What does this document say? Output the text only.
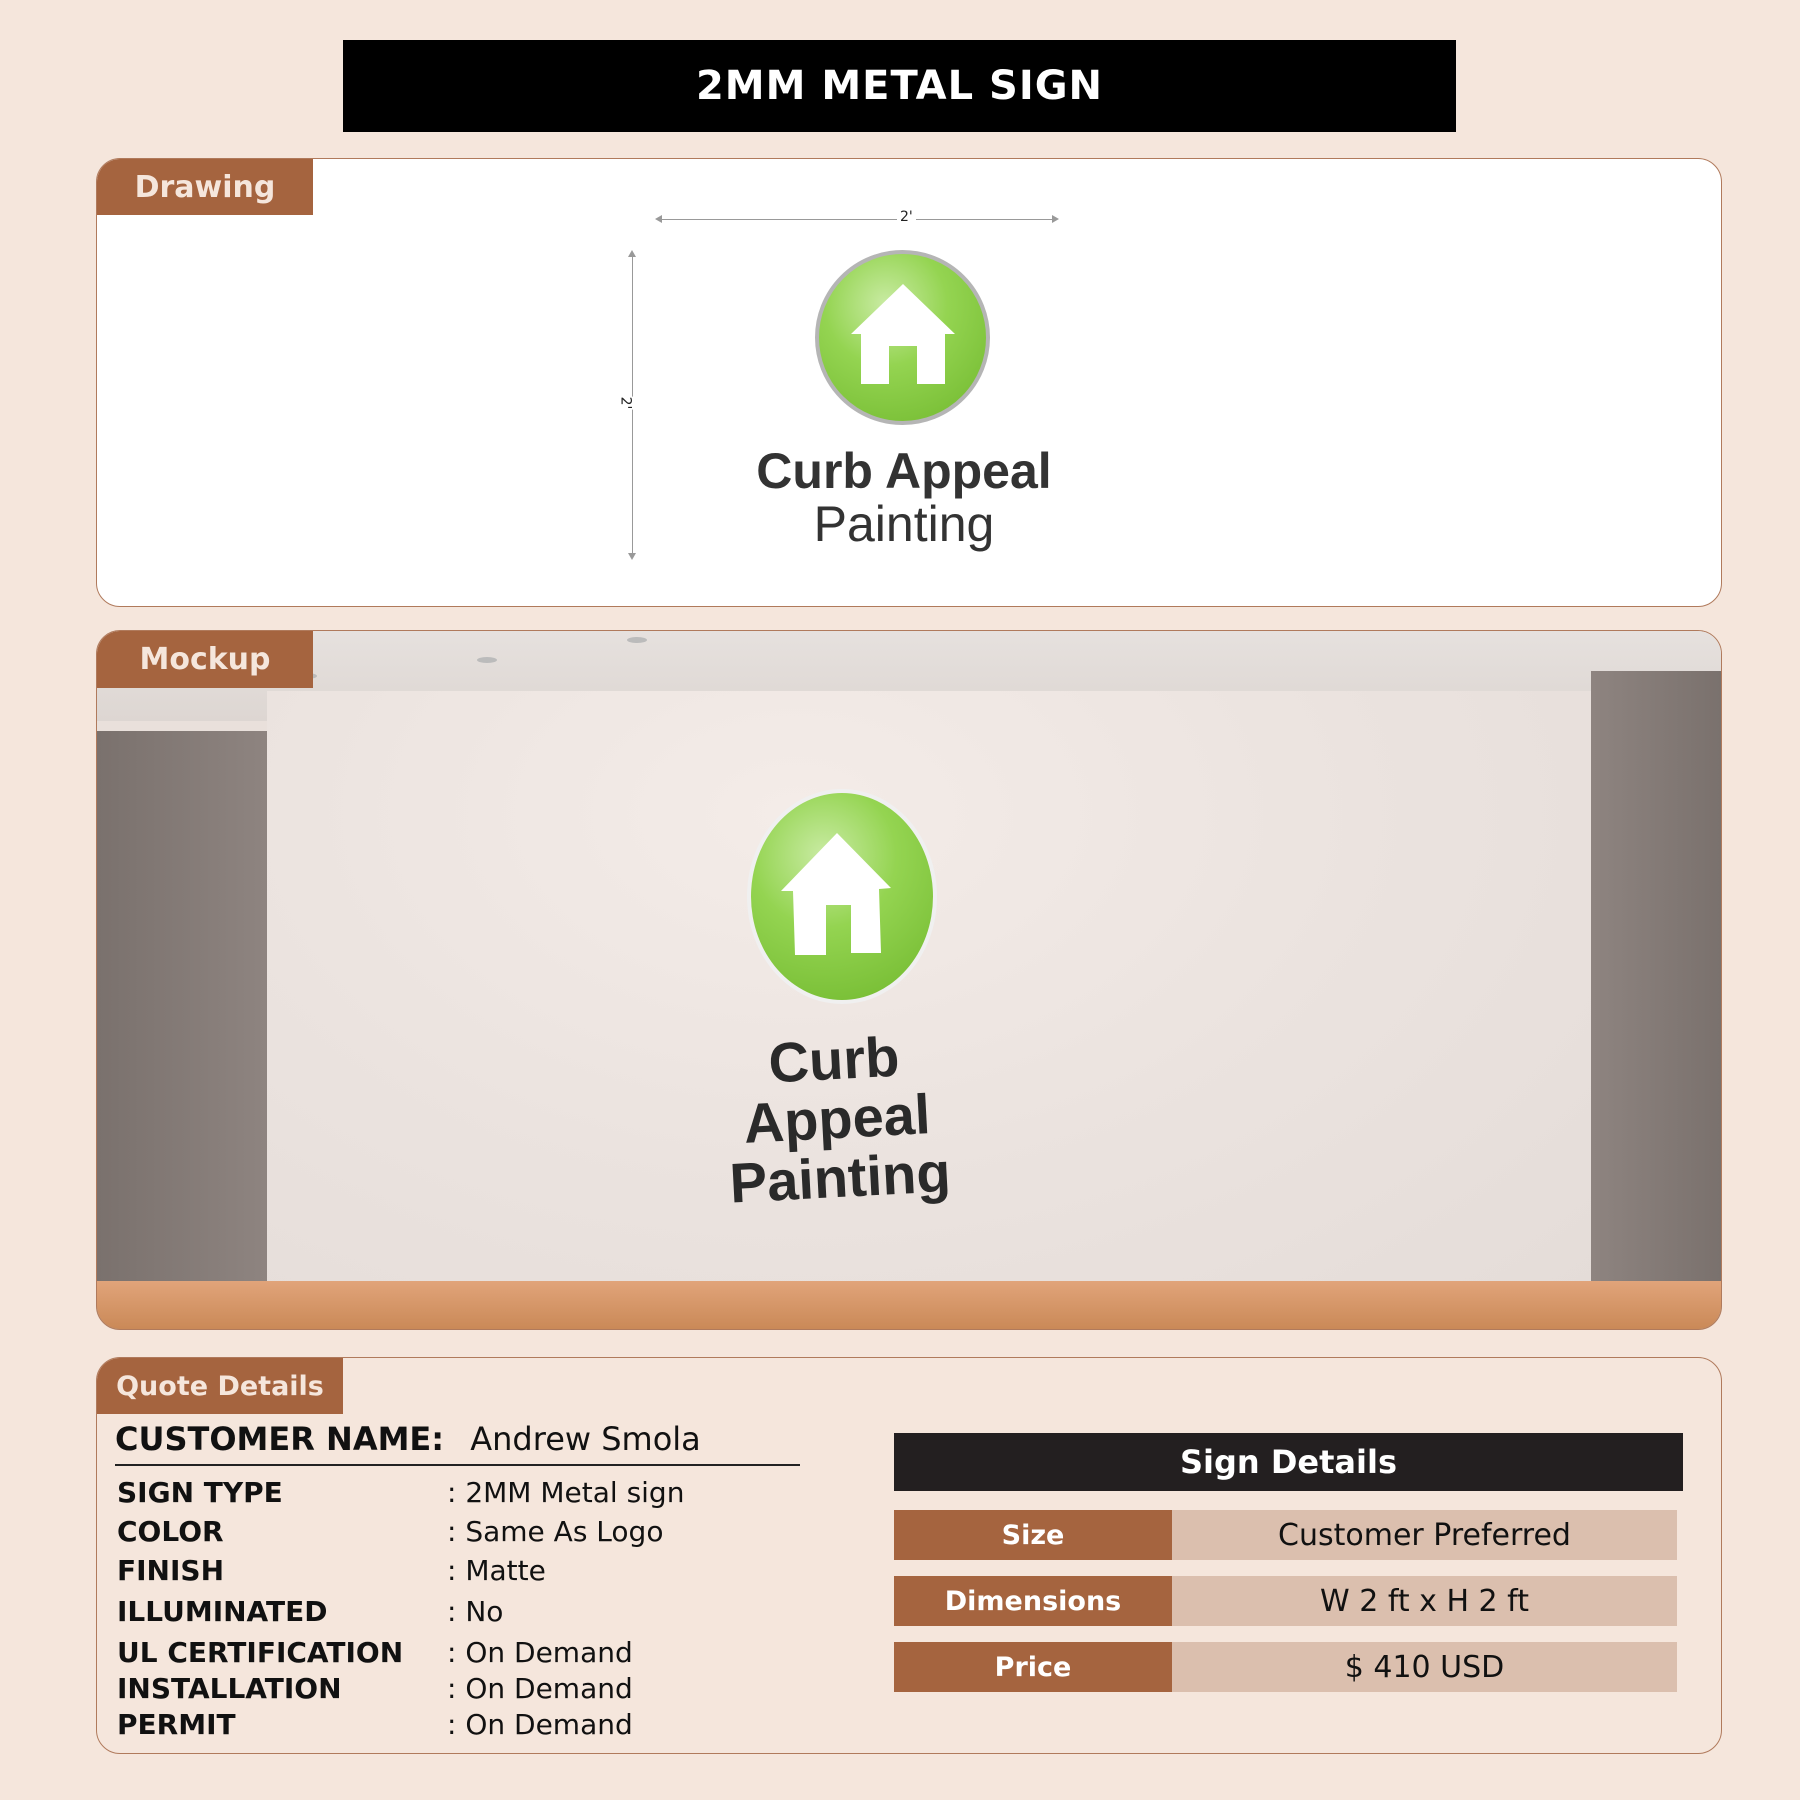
2MM METAL SIGN
Drawing
2'
2'
Curb Appeal
Painting
Mockup
Curb Appeal
Painting
Quote Details
CUSTOMER NAME: Andrew Smola
SIGN TYPE	: 2MM Metal sign
COLOR	: Same As Logo
FINISH	: Matte
ILLUMINATED	: No
UL CERTIFICATION : On Demand
INSTALLATION	: On Demand
PERMIT	: On Demand
Sign Details
Size	Customer Preferred
Dimensions	W 2 ft x H 2 ft
Price	$ 410 USD
